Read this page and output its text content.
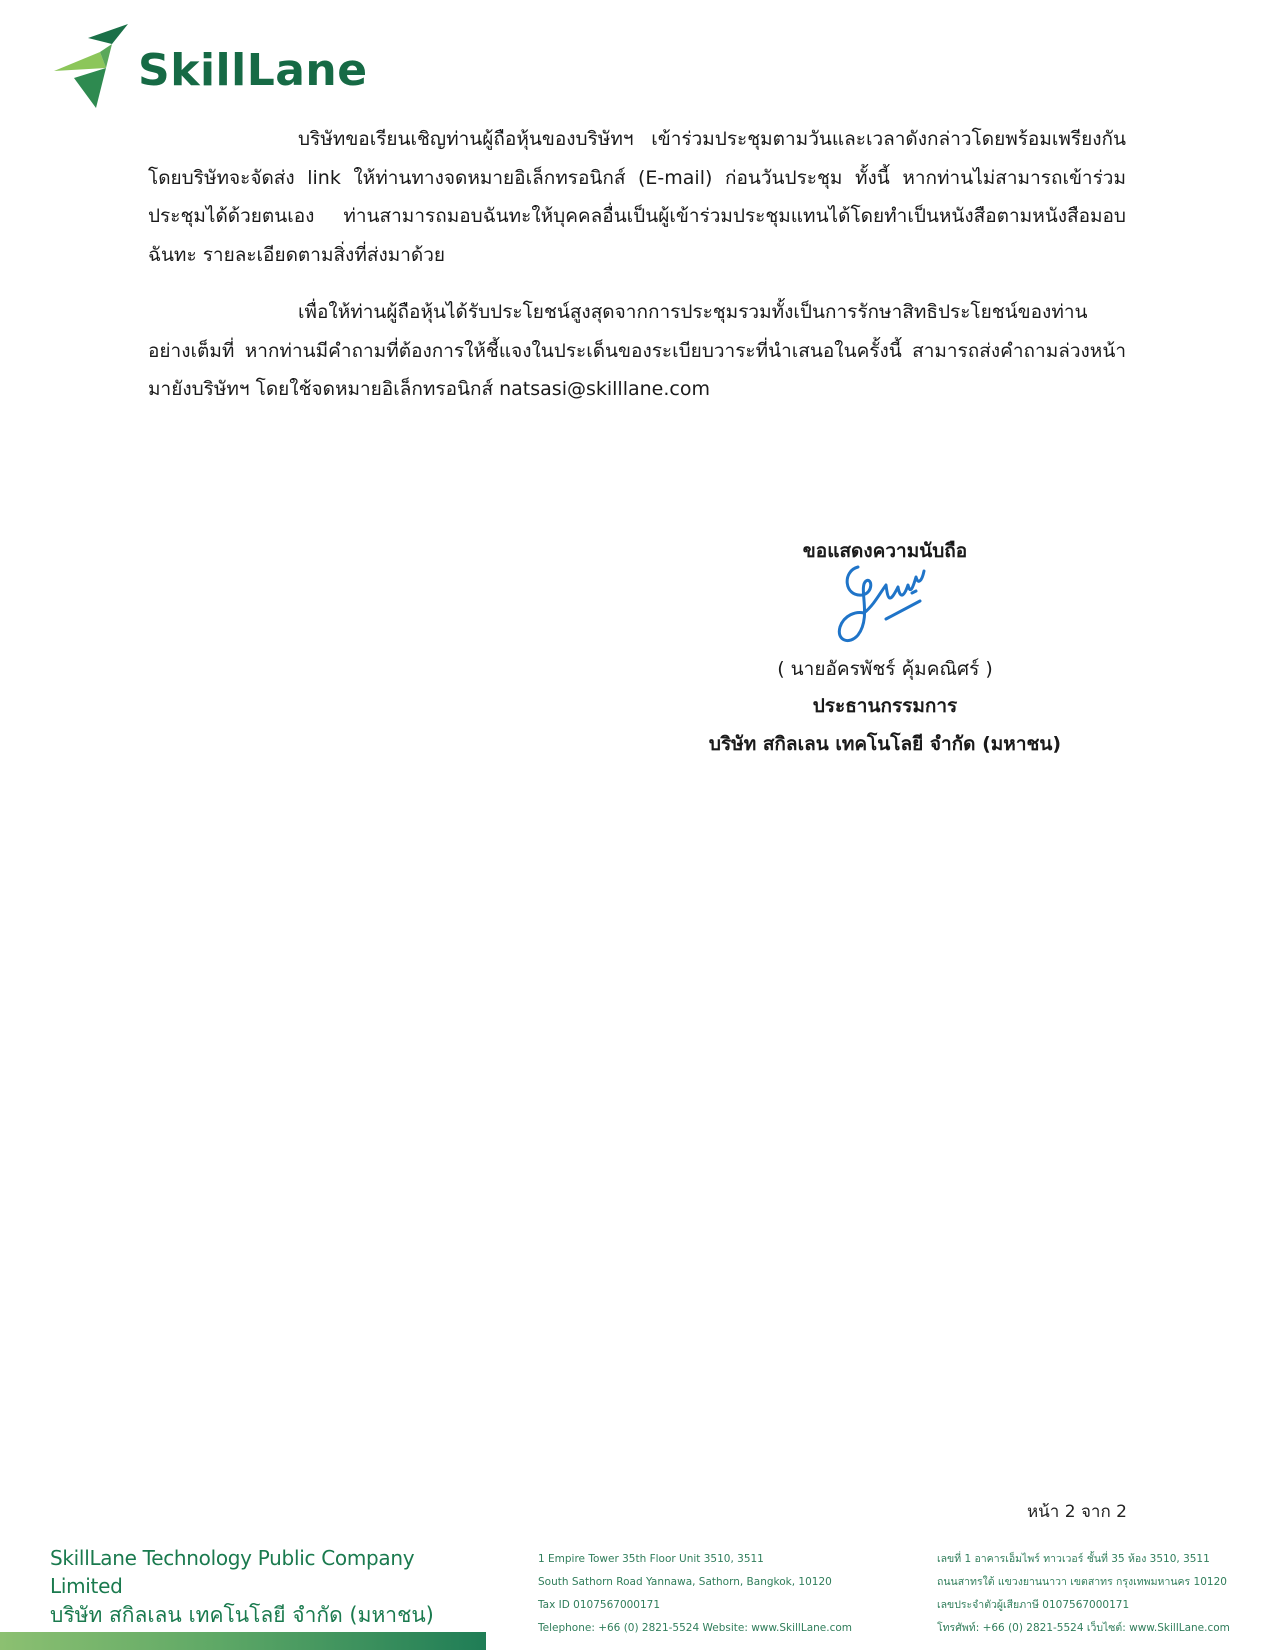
SkillLane

บริษัทขอเรียนเชิญท่านผู้ถือหุ้นของบริษัทฯ เข้าร่วมประชุมตามวันและเวลาดังกล่าวโดยพร้อมเพรียงกัน โดยบริษัทจะจัดส่ง link ให้ท่านทางจดหมายอิเล็กทรอนิกส์ (E-mail) ก่อนวันประชุม ทั้งนี้ หากท่านไม่สามารถเข้าร่วมประชุมได้ด้วยตนเอง ท่านสามารถมอบฉันทะให้บุคคลอื่นเป็นผู้เข้าร่วมประชุมแทนได้โดยทำเป็นหนังสือตามหนังสือมอบฉันทะ รายละเอียดตามสิ่งที่ส่งมาด้วย

เพื่อให้ท่านผู้ถือหุ้นได้รับประโยชน์สูงสุดจากการประชุมรวมทั้งเป็นการรักษาสิทธิประโยชน์ของท่านอย่างเต็มที่ หากท่านมีคำถามที่ต้องการให้ชี้แจงในประเด็นของระเบียบวาระที่นำเสนอในครั้งนี้ สามารถส่งคำถามล่วงหน้ามายังบริษัทฯ โดยใช้จดหมายอิเล็กทรอนิกส์ natsasi@skilllane.com

ขอแสดงความนับถือ
( นายอัครพัชร์ คุ้มคณิศร์ )
ประธานกรรมการ
บริษัท สกิลเลน เทคโนโลยี จำกัด (มหาชน)
หน้า 2 จาก 2
SkillLane Technology Public Company Limited
บริษัท สกิลเลน เทคโนโลยี จำกัด (มหาชน)
1 Empire Tower 35th Floor Unit 3510, 3511
South Sathorn Road Yannawa, Sathorn, Bangkok, 10120
Tax ID 0107567000171
Telephone: +66 (0) 2821-5524 Website: www.SkillLane.com
เลขที่ 1 อาคารเอ็มไพร์ ทาวเวอร์ ชั้นที่ 35 ห้อง 3510, 3511
ถนนสาทรใต้ แขวงยานนาวา เขตสาทร กรุงเทพมหานคร 10120
เลขประจำตัวผู้เสียภาษี 0107567000171
โทรศัพท์: +66 (0) 2821-5524 เว็บไซต์: www.SkillLane.com
